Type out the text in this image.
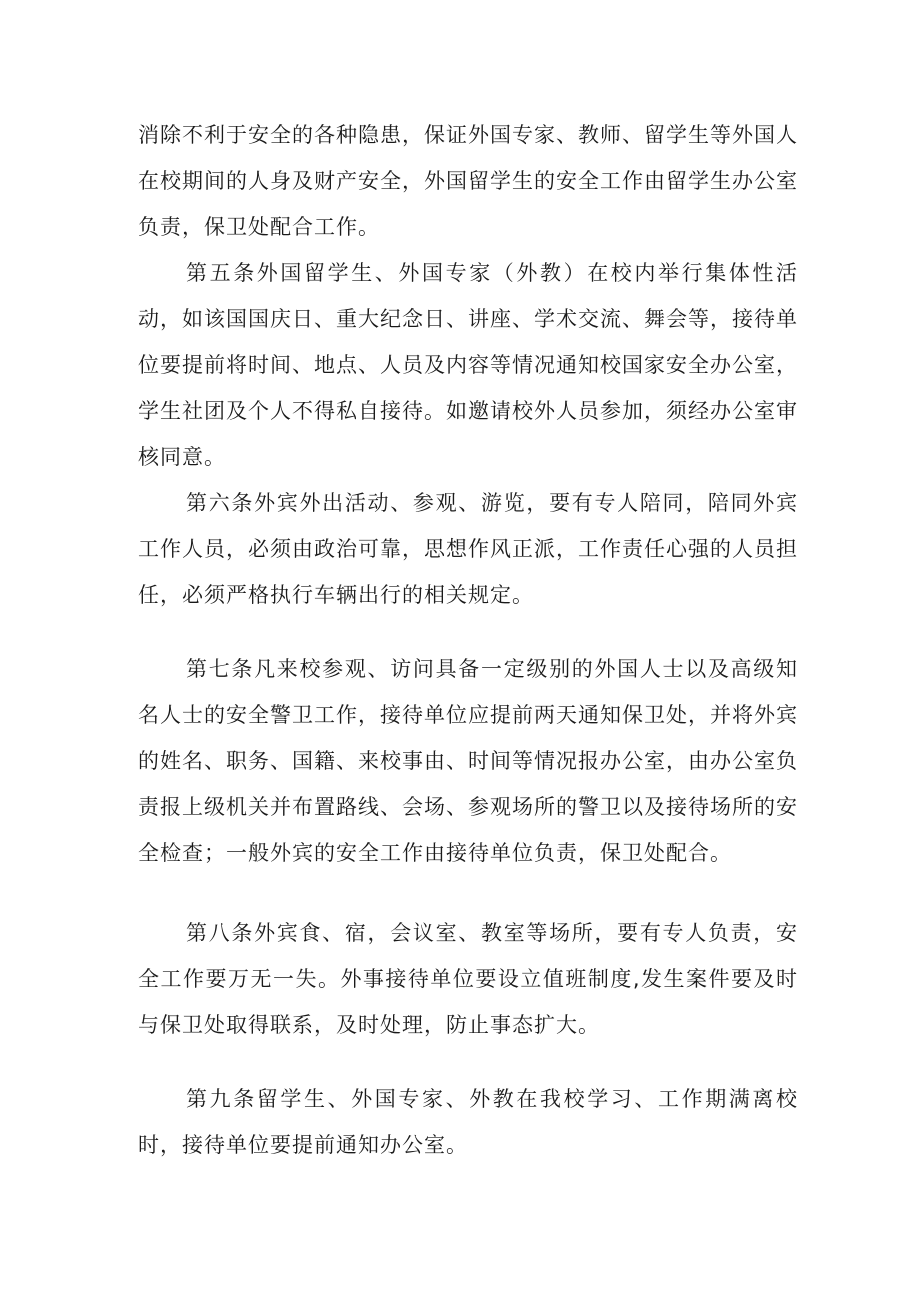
消除不利于安全的各种隐患，保证外国专家、教师、留学生等外国人在校期间的人身及财产安全，外国留学生的安全工作由留学生办公室负责，保卫处配合工作。

第五条外国留学生、外国专家（外教）在校内举行集体性活动，如该国国庆日、重大纪念日、讲座、学术交流、舞会等，接待单位要提前将时间、地点、人员及内容等情况通知校国家安全办公室，学生社团及个人不得私自接待。如邀请校外人员参加，须经办公室审核同意。

第六条外宾外出活动、参观、游览，要有专人陪同，陪同外宾工作人员，必须由政治可靠，思想作风正派，工作责任心强的人员担任，必须严格执行车辆出行的相关规定。

第七条凡来校参观、访问具备一定级别的外国人士以及高级知名人士的安全警卫工作，接待单位应提前两天通知保卫处，并将外宾的姓名、职务、国籍、来校事由、时间等情况报办公室，由办公室负责报上级机关并布置路线、会场、参观场所的警卫以及接待场所的安全检查；一般外宾的安全工作由接待单位负责，保卫处配合。

第八条外宾食、宿，会议室、教室等场所，要有专人负责，安全工作要万无一失。外事接待单位要设立值班制度,发生案件要及时与保卫处取得联系，及时处理，防止事态扩大。

第九条留学生、外国专家、外教在我校学习、工作期满离校时，接待单位要提前通知办公室。
